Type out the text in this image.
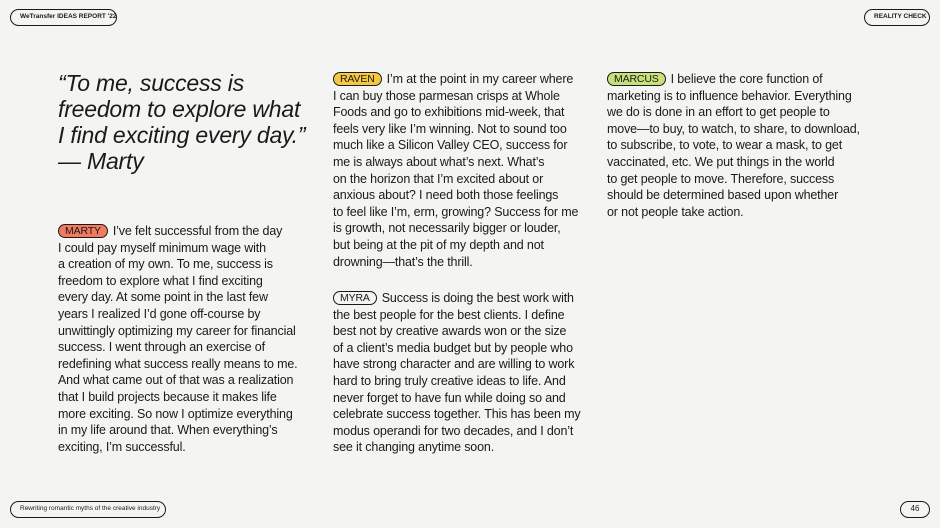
WeTransfer IDEAS REPORT '22	REALITY CHECK
“To me, success is
freedom to explore what
I find exciting every day.”
— Marty
MARTY I’ve felt successful from the day
I could pay myself minimum wage with
a creation of my own. To me, success is
freedom to explore what I find exciting
every day. At some point in the last few
years I realized I’d gone off-course by
unwittingly optimizing my career for financial
success. I went through an exercise of
redefining what success really means to me.
And what came out of that was a realization
that I build projects because it makes life
more exciting. So now I optimize everything
in my life around that. When everything’s
exciting, I’m successful.
RAVEN I’m at the point in my career where
I can buy those parmesan crisps at Whole
Foods and go to exhibitions mid-week, that
feels very like I’m winning. Not to sound too
much like a Silicon Valley CEO, success for
me is always about what’s next. What’s
on the horizon that I’m excited about or
anxious about? I need both those feelings
to feel like I’m, erm, growing? Success for me
is growth, not necessarily bigger or louder,
but being at the pit of my depth and not
drowning—that’s the thrill.
MYRA Success is doing the best work with
the best people for the best clients. I define
best not by creative awards won or the size
of a client’s media budget but by people who
have strong character and are willing to work
hard to bring truly creative ideas to life. And
never forget to have fun while doing so and
celebrate success together. This has been my
modus operandi for two decades, and I don’t
see it changing anytime soon.
MARCUS I believe the core function of
marketing is to influence behavior. Everything
we do is done in an effort to get people to
move—to buy, to watch, to share, to download,
to subscribe, to vote, to wear a mask, to get
vaccinated, etc. We put things in the world
to get people to move. Therefore, success
should be determined based upon whether
or not people take action.
Rewriting romantic myths of the creative industry	46
